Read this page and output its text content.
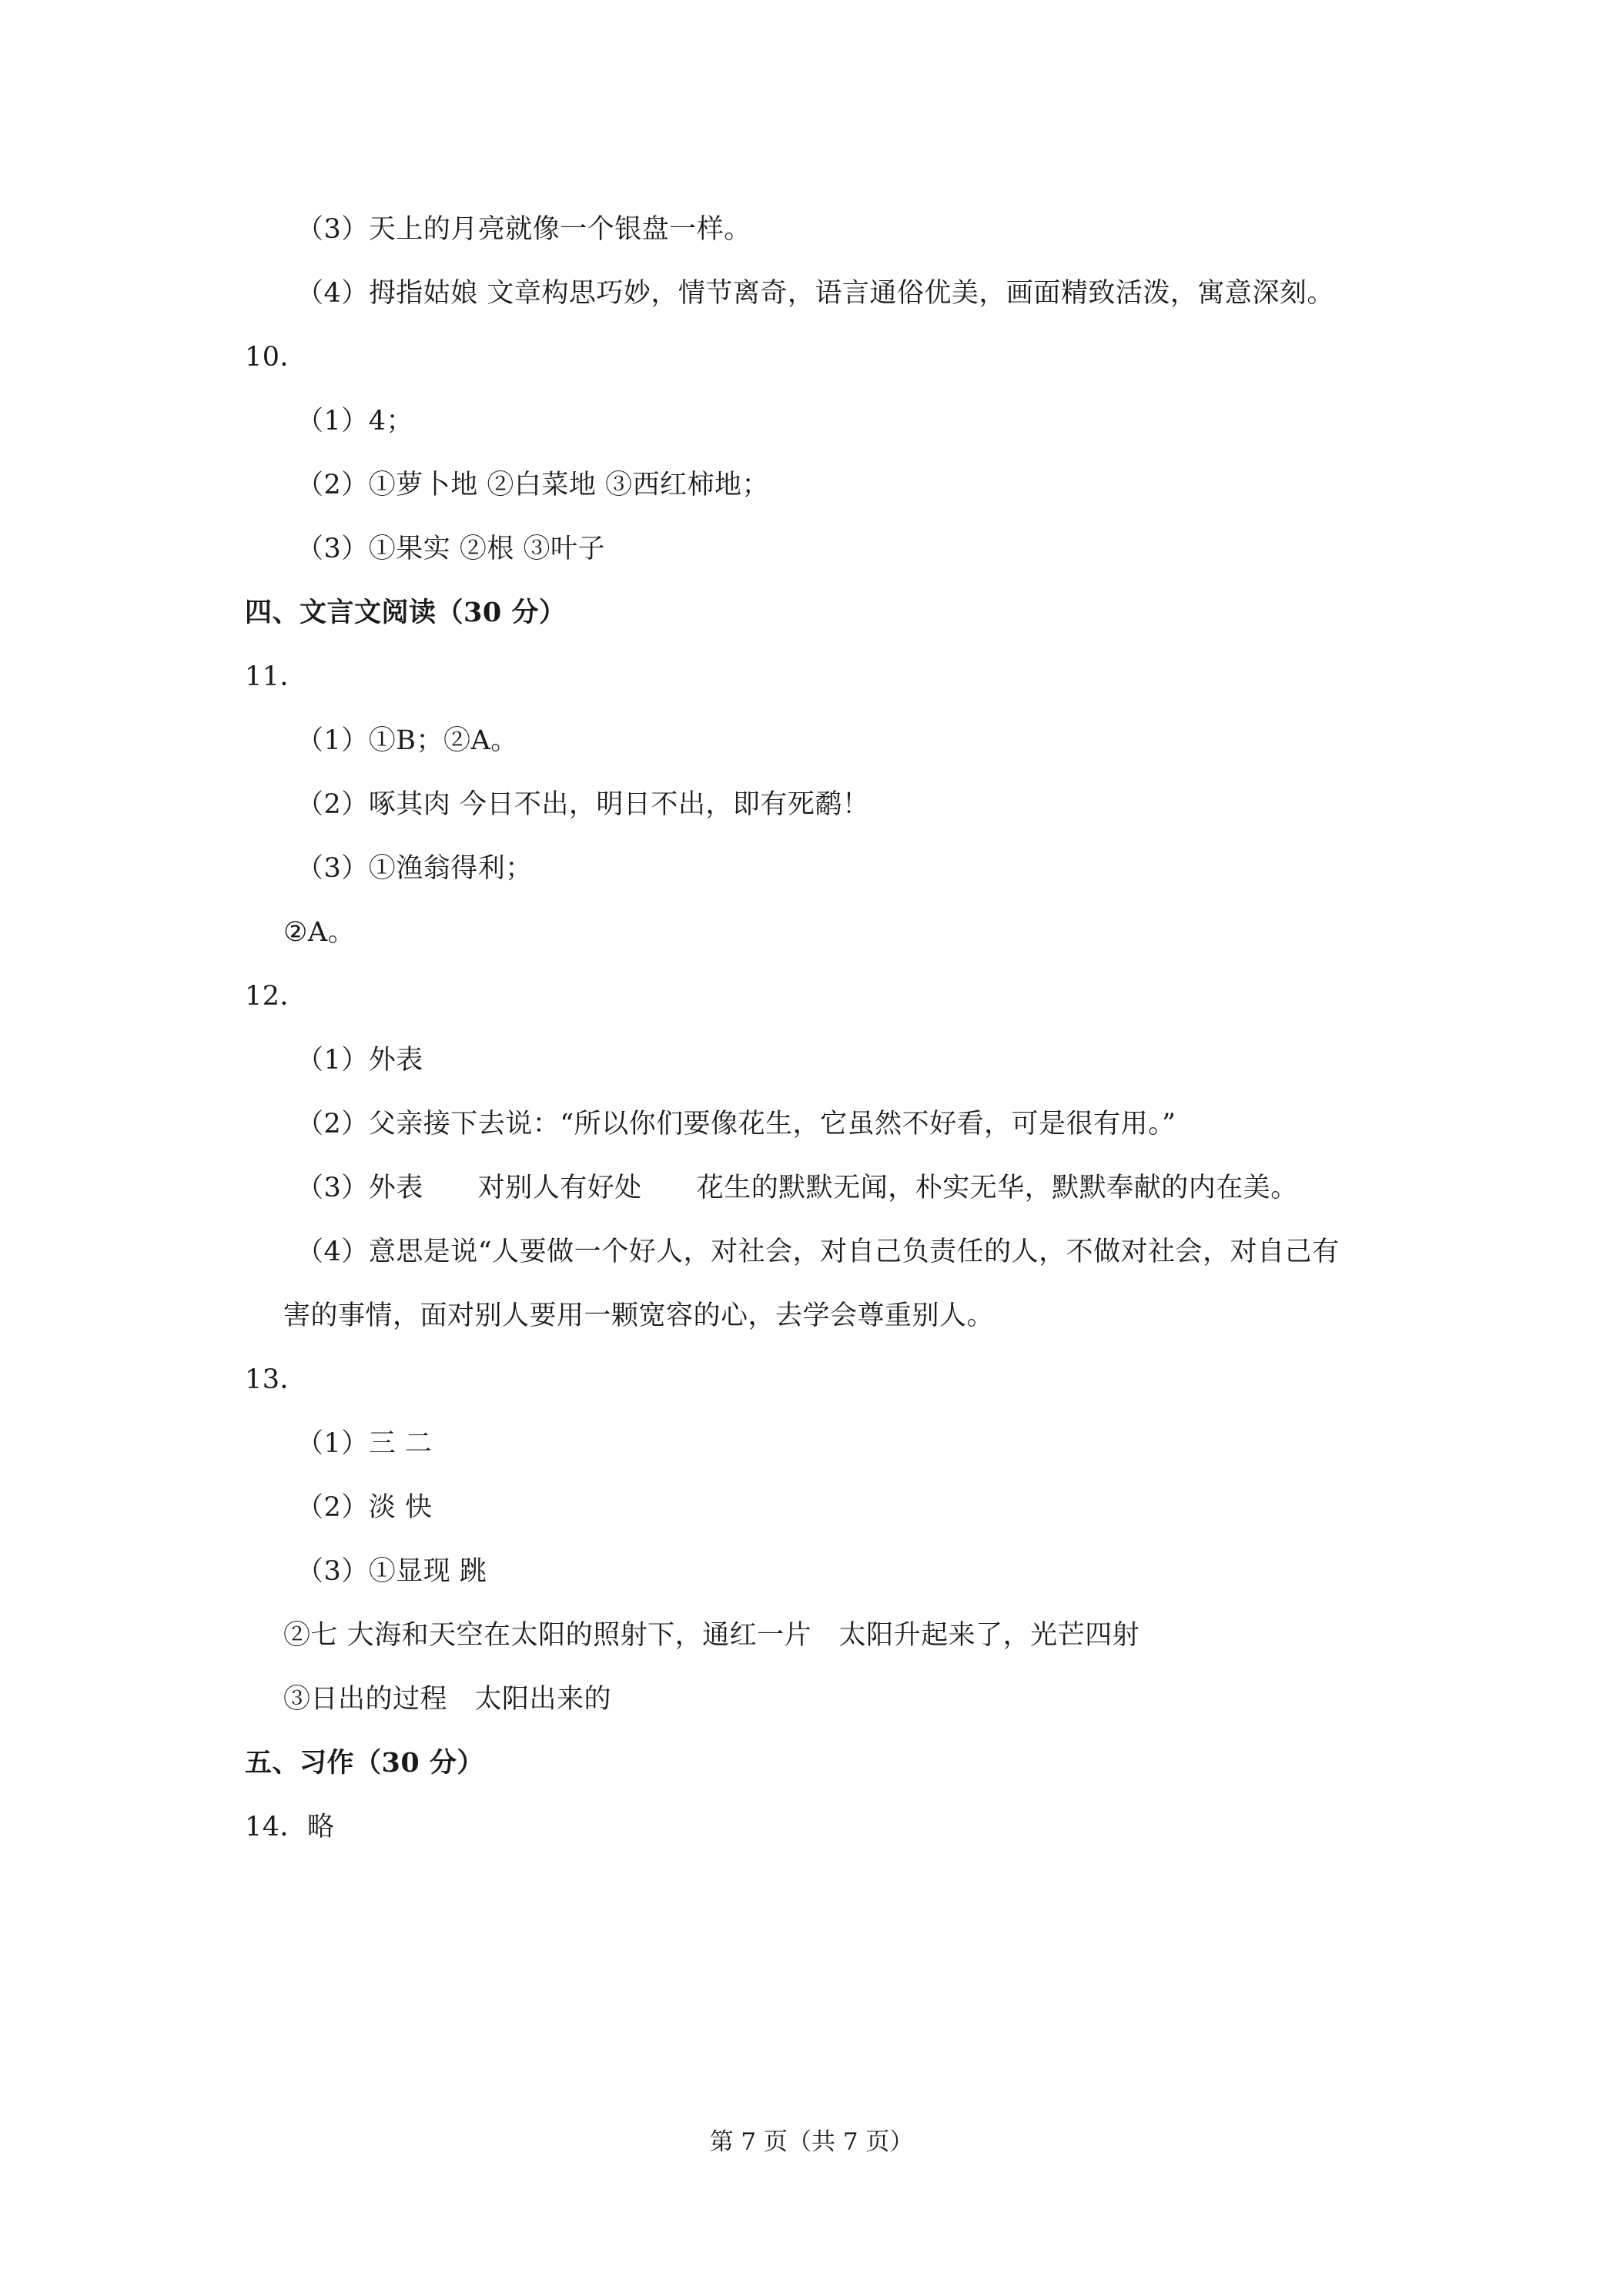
（3）天上的月亮就像一个银盘一样。
（4）拇指姑娘 文章构思巧妙，情节离奇，语言通俗优美，画面精致活泼，寓意深刻。
10．
（1）4；
（2）①萝卜地 ②白菜地 ③西红柿地；
（3）①果实 ②根 ③叶子
四、文言文阅读（30 分）
11．
（1）①B；②A。
（2）啄其肉 今日不出，明日不出，即有死鹬！
（3）①渔翁得利；
②A。
12．
（1）外表
（2）父亲接下去说：“所以你们要像花生，它虽然不好看，可是很有用。”
（3）外表　　对别人有好处　　花生的默默无闻，朴实无华，默默奉献的内在美。
（4）意思是说“人要做一个好人，对社会，对自己负责任的人，不做对社会，对自己有
害的事情，面对别人要用一颗宽容的心，去学会尊重别人。
13．
（1）三 二
（2）淡 快
（3）①显现 跳
②七 大海和天空在太阳的照射下，通红一片　太阳升起来了，光芒四射
③日出的过程　太阳出来的
五、习作（30 分）
14．略
第 7 页（共 7 页）
